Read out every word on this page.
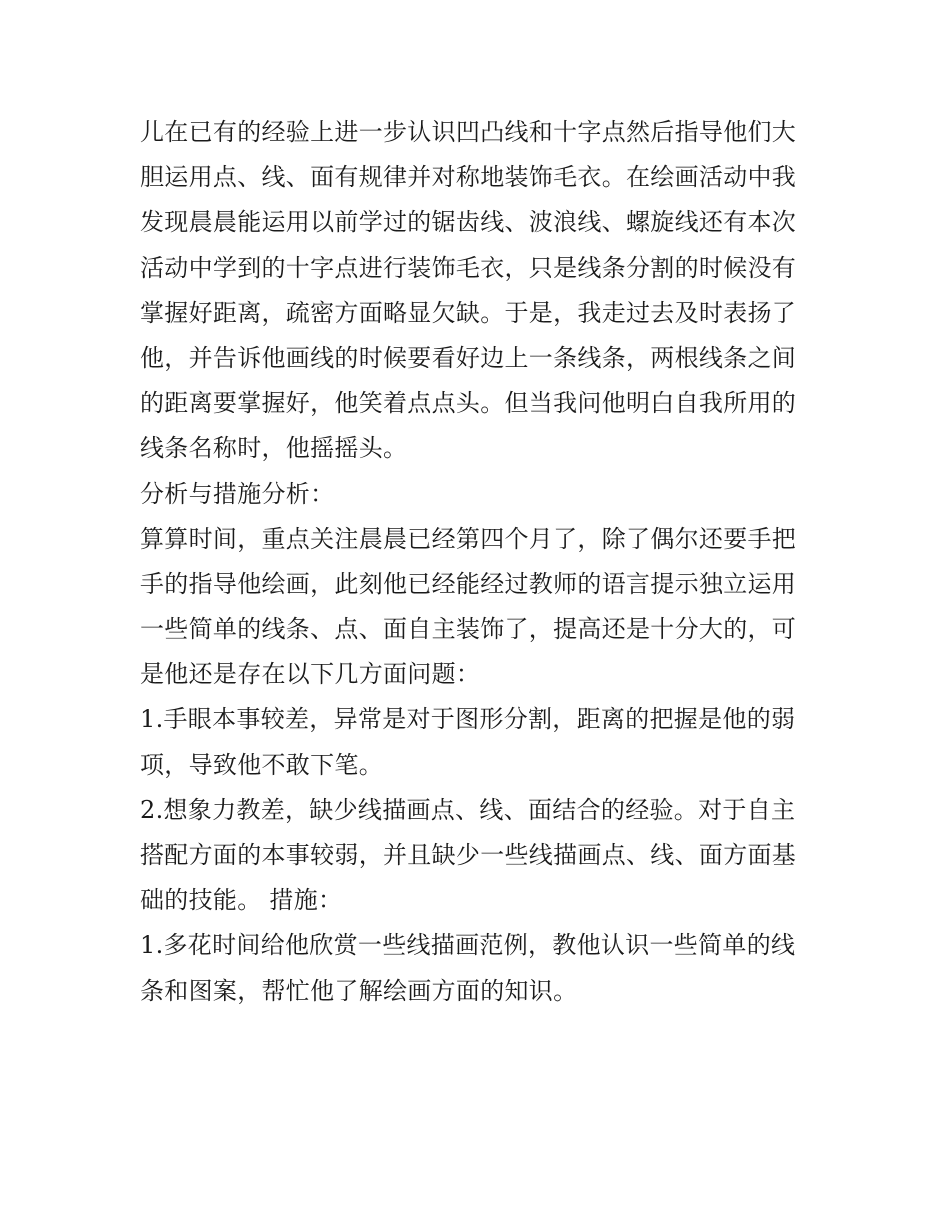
儿在已有的经验上进一步认识凹凸线和十字点然后指导他们大
胆运用点、线、面有规律并对称地装饰毛衣。在绘画活动中我
发现晨晨能运用以前学过的锯齿线、波浪线、螺旋线还有本次
活动中学到的十字点进行装饰毛衣，只是线条分割的时候没有
掌握好距离，疏密方面略显欠缺。于是，我走过去及时表扬了
他，并告诉他画线的时候要看好边上一条线条，两根线条之间
的距离要掌握好，他笑着点点头。但当我问他明白自我所用的
线条名称时，他摇摇头。
分析与措施分析：
算算时间，重点关注晨晨已经第四个月了，除了偶尔还要手把
手的指导他绘画，此刻他已经能经过教师的语言提示独立运用
一些简单的线条、点、面自主装饰了，提高还是十分大的，可
是他还是存在以下几方面问题：
1.手眼本事较差，异常是对于图形分割，距离的把握是他的弱
项，导致他不敢下笔。
2.想象力教差，缺少线描画点、线、面结合的经验。对于自主
搭配方面的本事较弱，并且缺少一些线描画点、线、面方面基
础的技能。 措施：
1.多花时间给他欣赏一些线描画范例，教他认识一些简单的线
条和图案，帮忙他了解绘画方面的知识。
